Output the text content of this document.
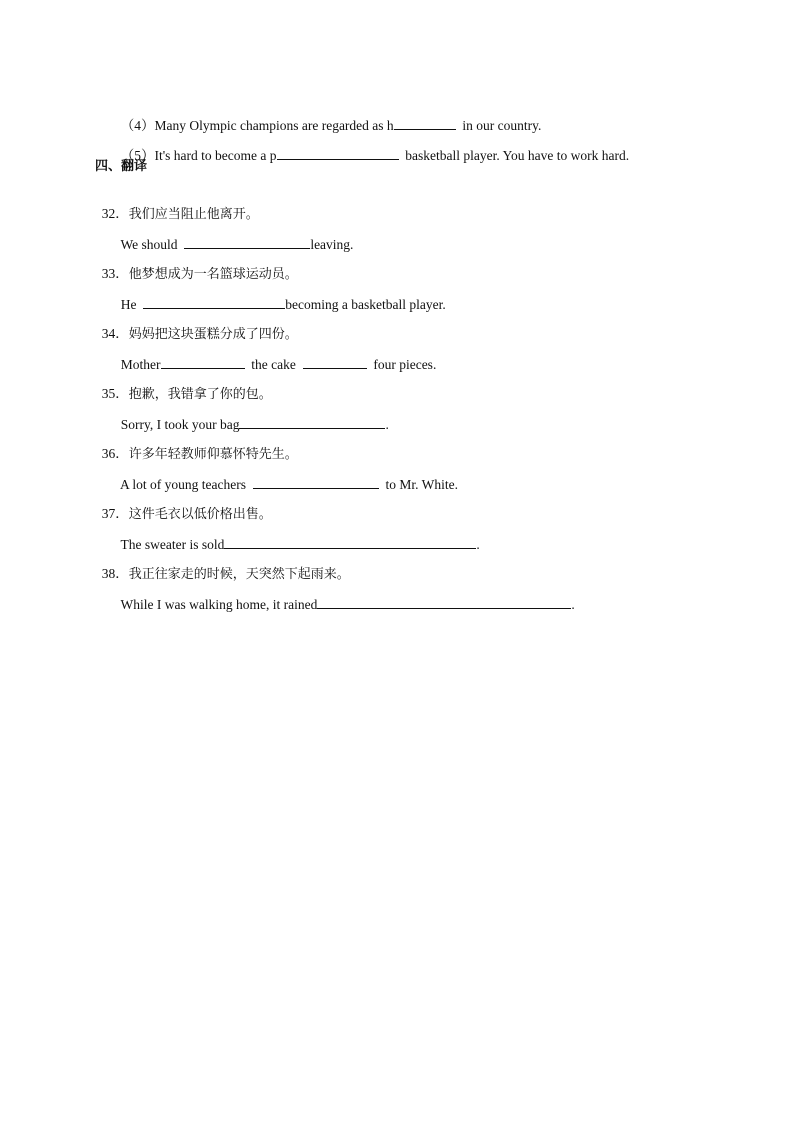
（4）Many Olympic champions are regarded as h	in our country.

（5）It's hard to become a p	basketball player. You have to work hard.

四、翻译

32．我们应当阻止他离开。

We should	leaving.

33．他梦想成为一名篮球运动员。

He	becoming a basketball player.

34．妈妈把这块蛋糕分成了四份。

Mother	the cake	four pieces.

35．抱歉，我错拿了你的包。

Sorry, I took your bag	.

36．许多年轻教师仰慕怀特先生。

A lot of young teachers	to Mr. White.

37．这件毛衣以低价格出售。

The sweater is sold	.

38．我正往家走的时候，天突然下起雨来。

While I was walking home, it rained	.
